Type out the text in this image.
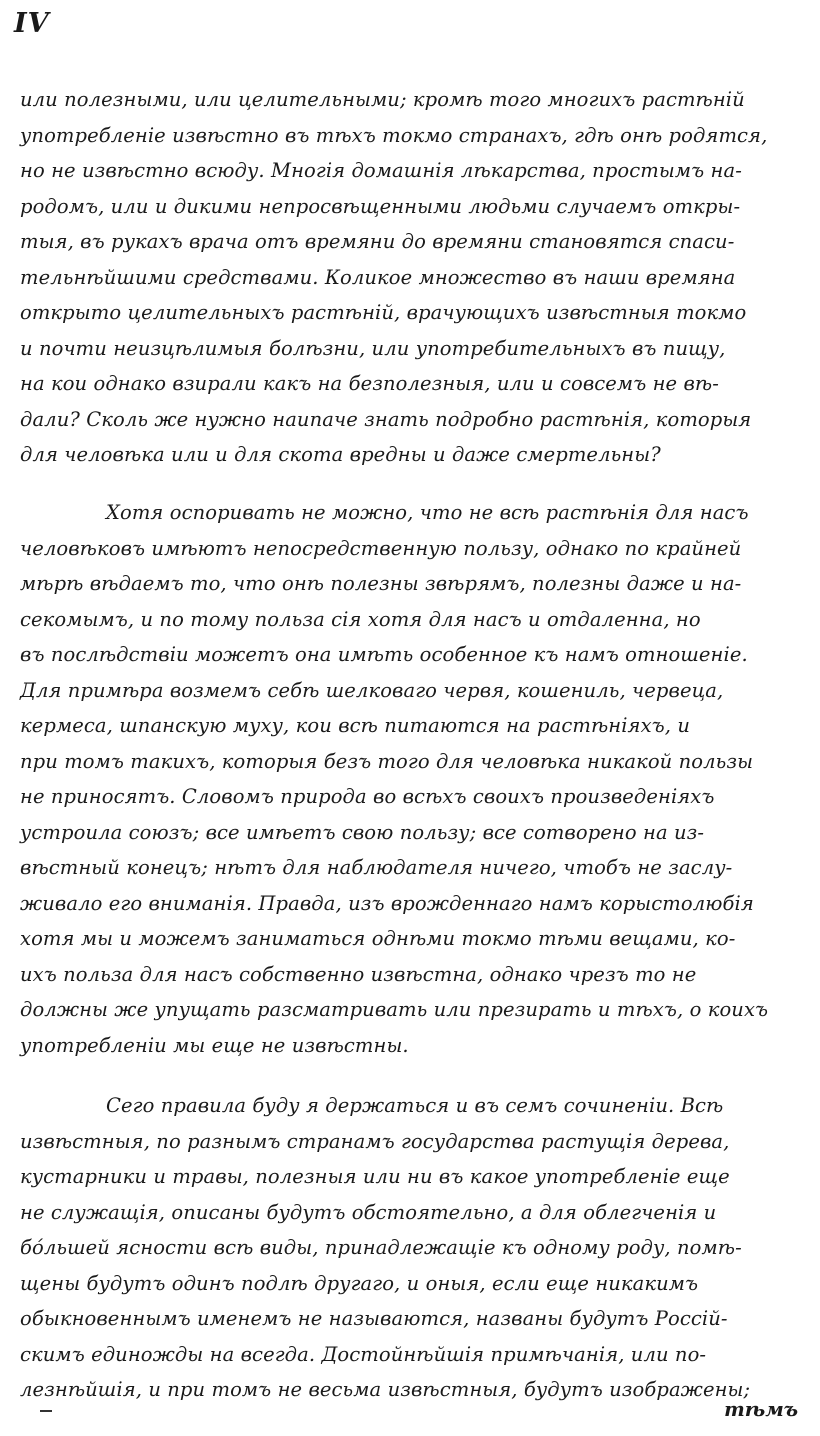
IV
или полезными, или целительными; кромѣ того многихъ растѣній
употребленіе извѣстно въ тѣхъ токмо странахъ, гдѣ онѣ родятся,
но не извѣстно всюду. Многія домашнія лѣкарства, простымъ на-
родомъ, или и дикими непросвѣщенными людьми случаемъ откры-
тыя, въ рукахъ врача отъ времяни до времяни становятся спаси-
тельнѣйшими средствами. Коликое множество въ наши времяна
открыто целительныхъ растѣній, врачующихъ извѣстныя токмо
и почти неизцѣлимыя болѣзни, или употребительныхъ въ пищу,
на кои однако взирали какъ на безполезныя, или и совсемъ не вѣ-
дали? Сколь же нужно наипаче знать подробно растѣнія, которыя
для человѣка или и для скота вредны и даже смертельны?
Хотя оспоривать не можно, что не всѣ растѣнія для насъ
человѣковъ имѣютъ непосредственную пользу, однако по крайней
мѣрѣ вѣдаемъ то, что онѣ полезны звѣрямъ, полезны даже и на-
секомымъ, и по тому польза сія хотя для насъ и отдаленна, но
въ послѣдствіи можетъ она имѣть особенное къ намъ отношеніе.
Для примѣра возмемъ себѣ шелковаго червя, кошениль, червеца,
кермеса, шпанскую муху, кои всѣ питаются на растѣніяхъ, и
при томъ такихъ, которыя безъ того для человѣка никакой пользы
не приносятъ. Словомъ природа во всѣхъ своихъ произведеніяхъ
устроила союзъ; все имѣетъ свою пользу; все сотворено на из-
вѣстный конецъ; нѣтъ для наблюдателя ничего, чтобъ не заслу-
живало его вниманія. Правда, изъ врожденнаго намъ корыстолюбія
хотя мы и можемъ заниматься однѣми токмо тѣми вещами, ко-
ихъ польза для насъ собственно извѣстна, однако чрезъ то не
должны же упущать разсматривать или презирать и тѣхъ, о коихъ
употребленіи мы еще не извѣстны.
Сего правила буду я держаться и въ семъ сочиненіи. Всѣ
извѣстныя, по разнымъ странамъ государства растущія дерева,
кустарники и травы, полезныя или ни въ какое употребленіе еще
не служащія, описаны будутъ обстоятельно, а для облегченія и
бо́льшей ясности всѣ виды, принадлежащіе къ одному роду, помѣ-
щены будутъ одинъ подлѣ другаго, и оныя, если еще никакимъ
обыкновеннымъ именемъ не называются, названы будутъ Россій-
скимъ единожды на всегда. Достойнѣйшія примѣчанія, или по-
лезнѣйшія, и при томъ не весьма извѣстныя, будутъ изображены;
тѣмъ
